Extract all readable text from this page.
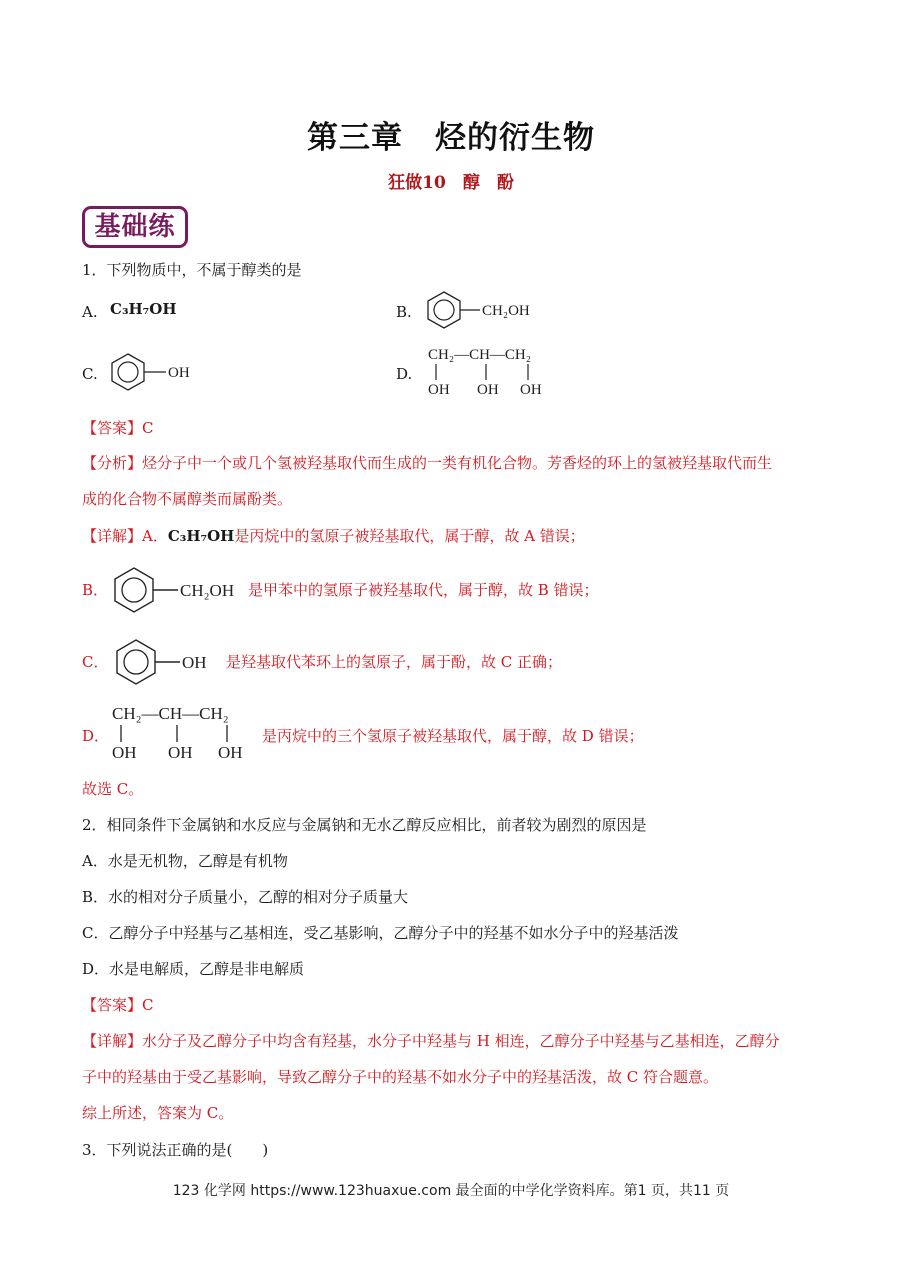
第三章　烃的衍生物
狂做10　醇　酚
基础练
1．下列物质中，不属于醇类的是
A. C₃H₇OH	B.	CH₂OH
C.	OH	D.
CH₂—CH—CH₂
OH OH OH
【答案】C
【分析】烃分子中一个或几个氢被羟基取代而生成的一类有机化合物。芳香烃的环上的氢被羟基取代而生
成的化合物不属醇类而属酚类。
【详解】A．C₃H₇OH是丙烷中的氢原子被羟基取代，属于醇，故 A 错误；
B．	CH₂OH 是甲苯中的氢原子被羟基取代，属于醇，故 B 错误；
C．	OH 是羟基取代苯环上的氢原子，属于酚，故 C 正确；
D．
CH₂—CH—CH₂
OH OH OH
是丙烷中的三个氢原子被羟基取代，属于醇，故 D 错误；
故选 C。
2．相同条件下金属钠和水反应与金属钠和无水乙醇反应相比，前者较为剧烈的原因是
A．水是无机物，乙醇是有机物
B．水的相对分子质量小，乙醇的相对分子质量大
C．乙醇分子中羟基与乙基相连，受乙基影响，乙醇分子中的羟基不如水分子中的羟基活泼
D．水是电解质，乙醇是非电解质
【答案】C
【详解】水分子及乙醇分子中均含有羟基，水分子中羟基与 H 相连，乙醇分子中羟基与乙基相连，乙醇分
子中的羟基由于受乙基影响，导致乙醇分子中的羟基不如水分子中的羟基活泼，故 C 符合题意。
综上所述，答案为 C。
3．下列说法正确的是(　　)
123 化学网 https://www.123huaxue.com 最全面的中学化学资料库。第1 页，共11 页
